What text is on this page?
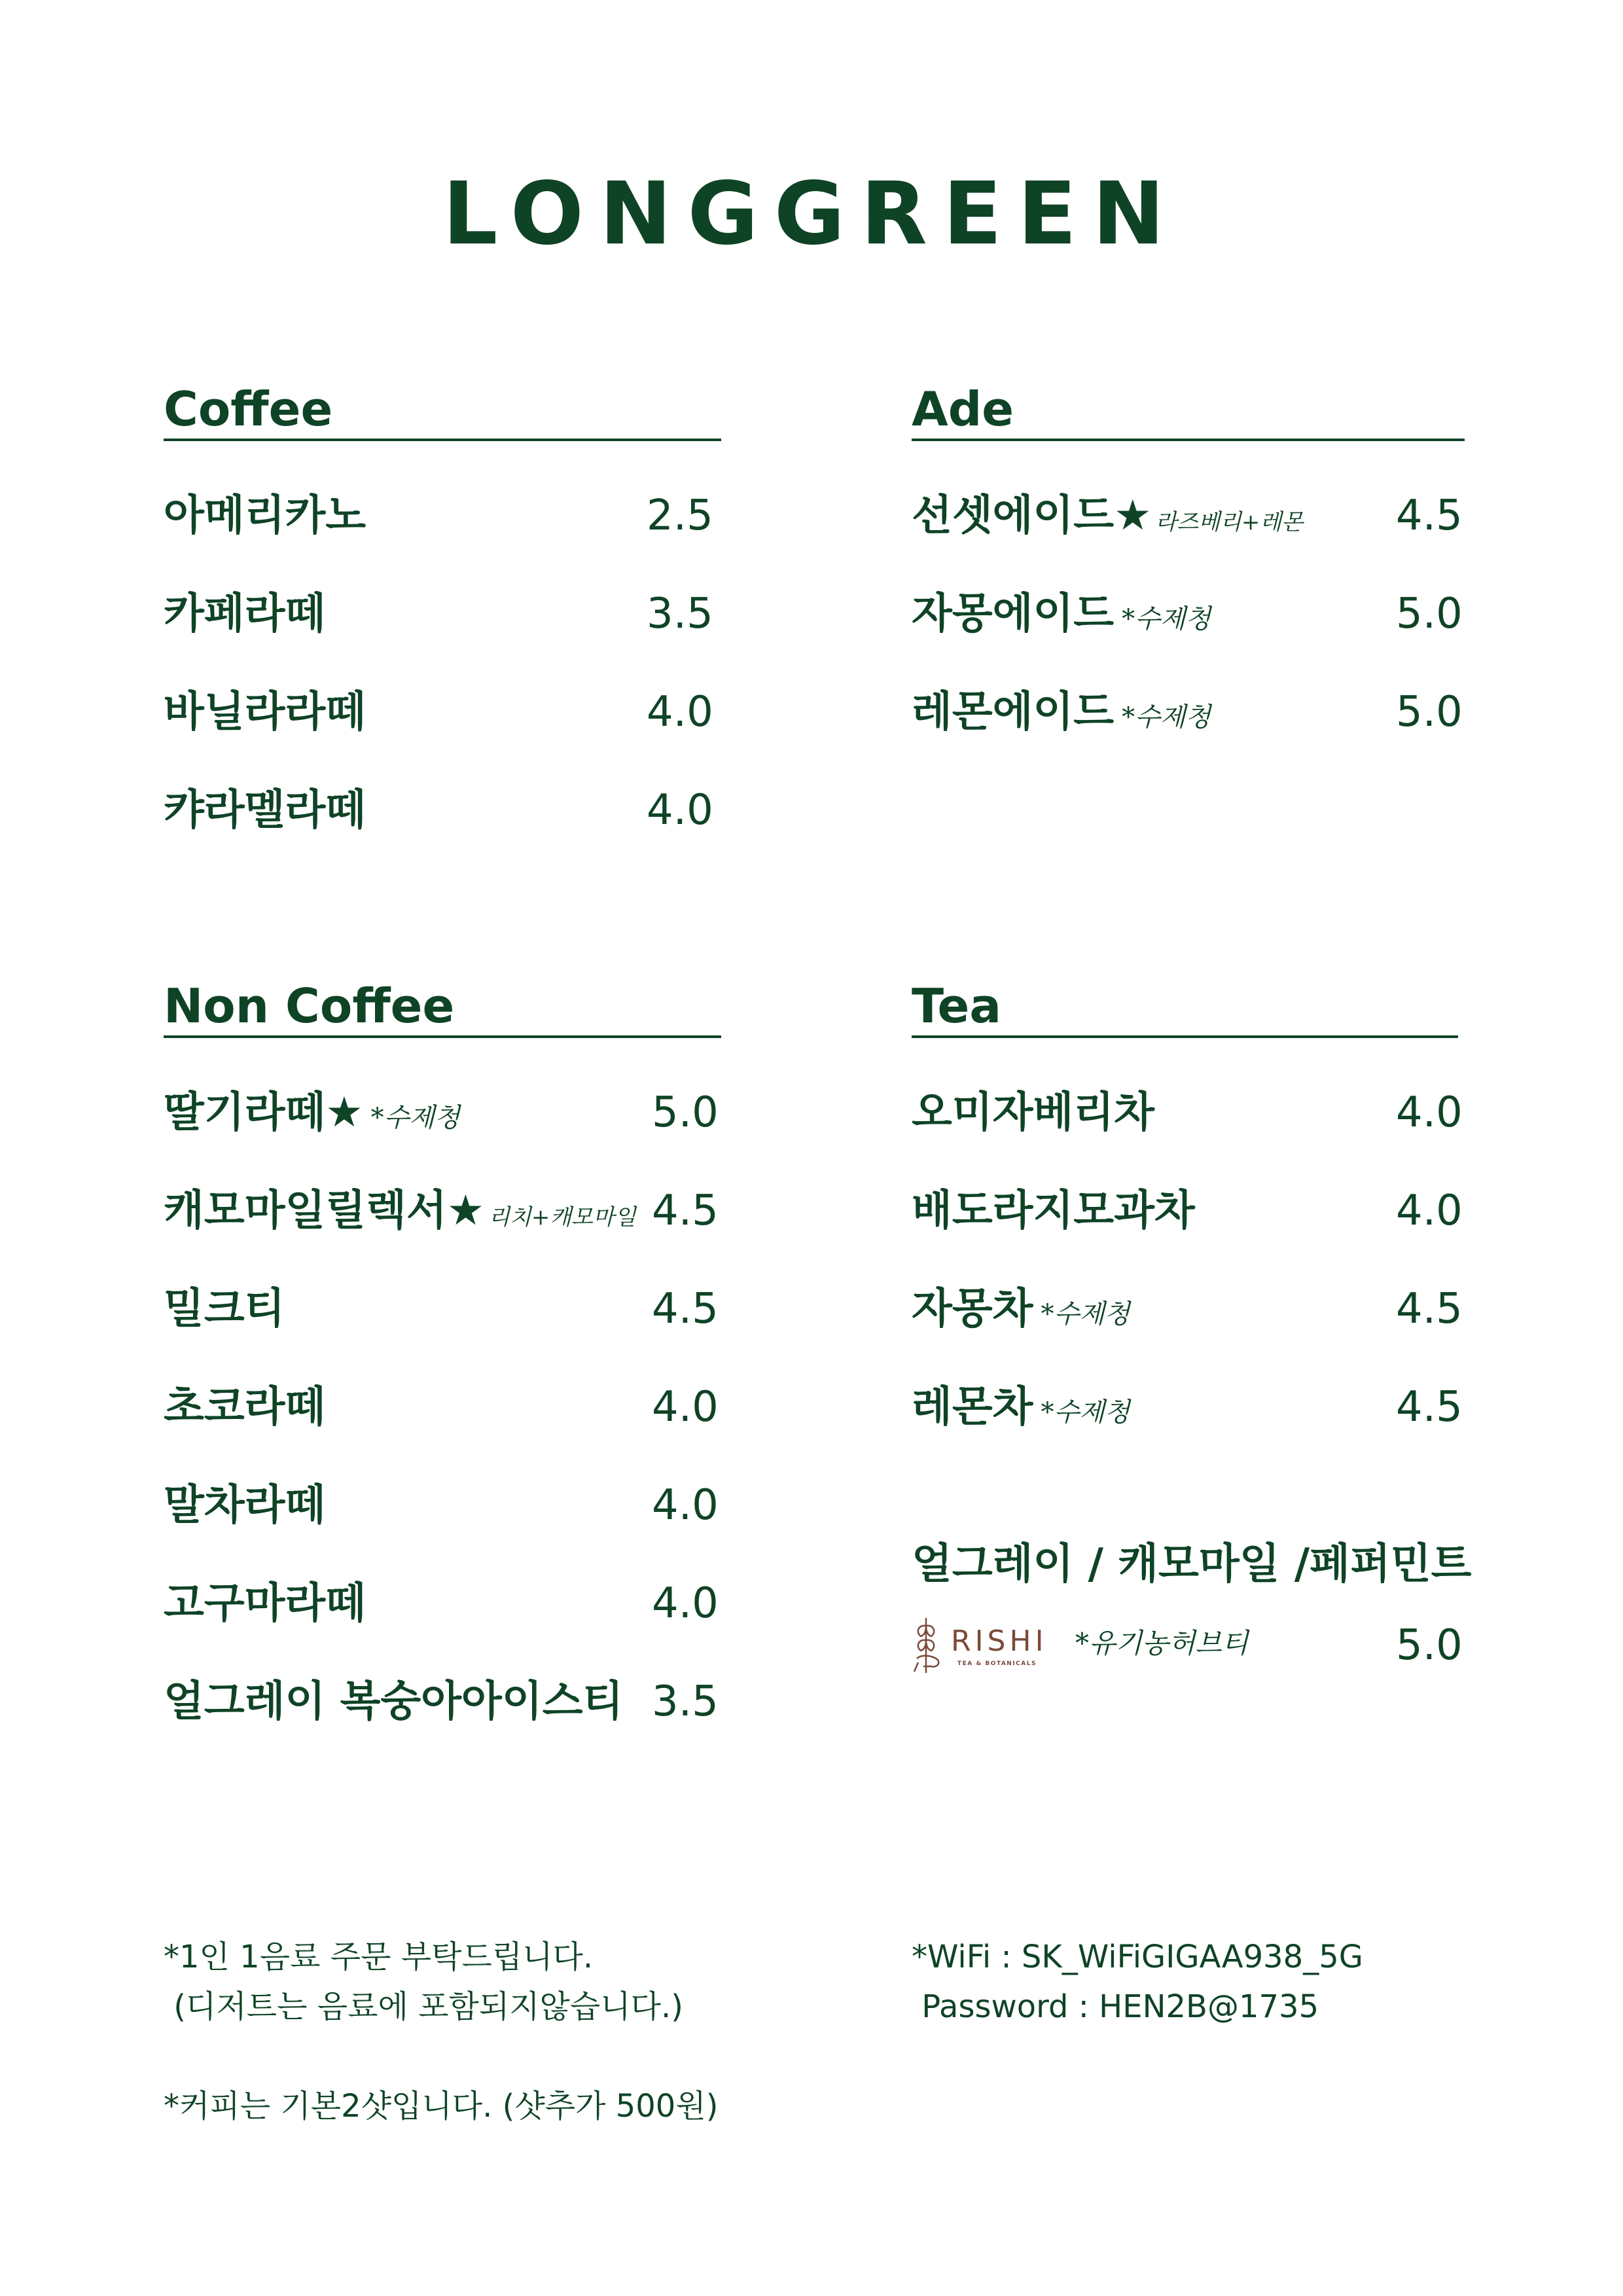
LONGGREEN
Coffee
아메리카노	2.5
카페라떼	3.5
바닐라라떼	4.0
캬라멜라떼	4.0
Ade
선셋에이드★ 라즈베리+레몬 4.5
자몽에이드 *수제청	5.0
레몬에이드 *수제청	5.0
Non Coffee
딸기라떼★ *수제청	5.0
캐모마일릴렉서★ 리치+캐모마일 4.5
밀크티	4.5
초코라떼	4.0
말차라떼	4.0
고구마라떼	4.0
얼그레이 복숭아아이스티 3.5
Tea
오미자베리차	4.0
배도라지모과차	4.0
자몽차 *수제청	4.5
레몬차 *수제청	4.5
얼그레이 / 캐모마일 /페퍼민트
RISHI
TEA & BOTANICALS
*유기농허브티	5.0
*1인 1음료 주문 부탁드립니다.
(디저트는 음료에 포함되지않습니다.)
*커피는 기본2샷입니다. (샷추가 500원)
*WiFi : SK_WiFiGIGAA938_5G
Password : HEN2B@1735
